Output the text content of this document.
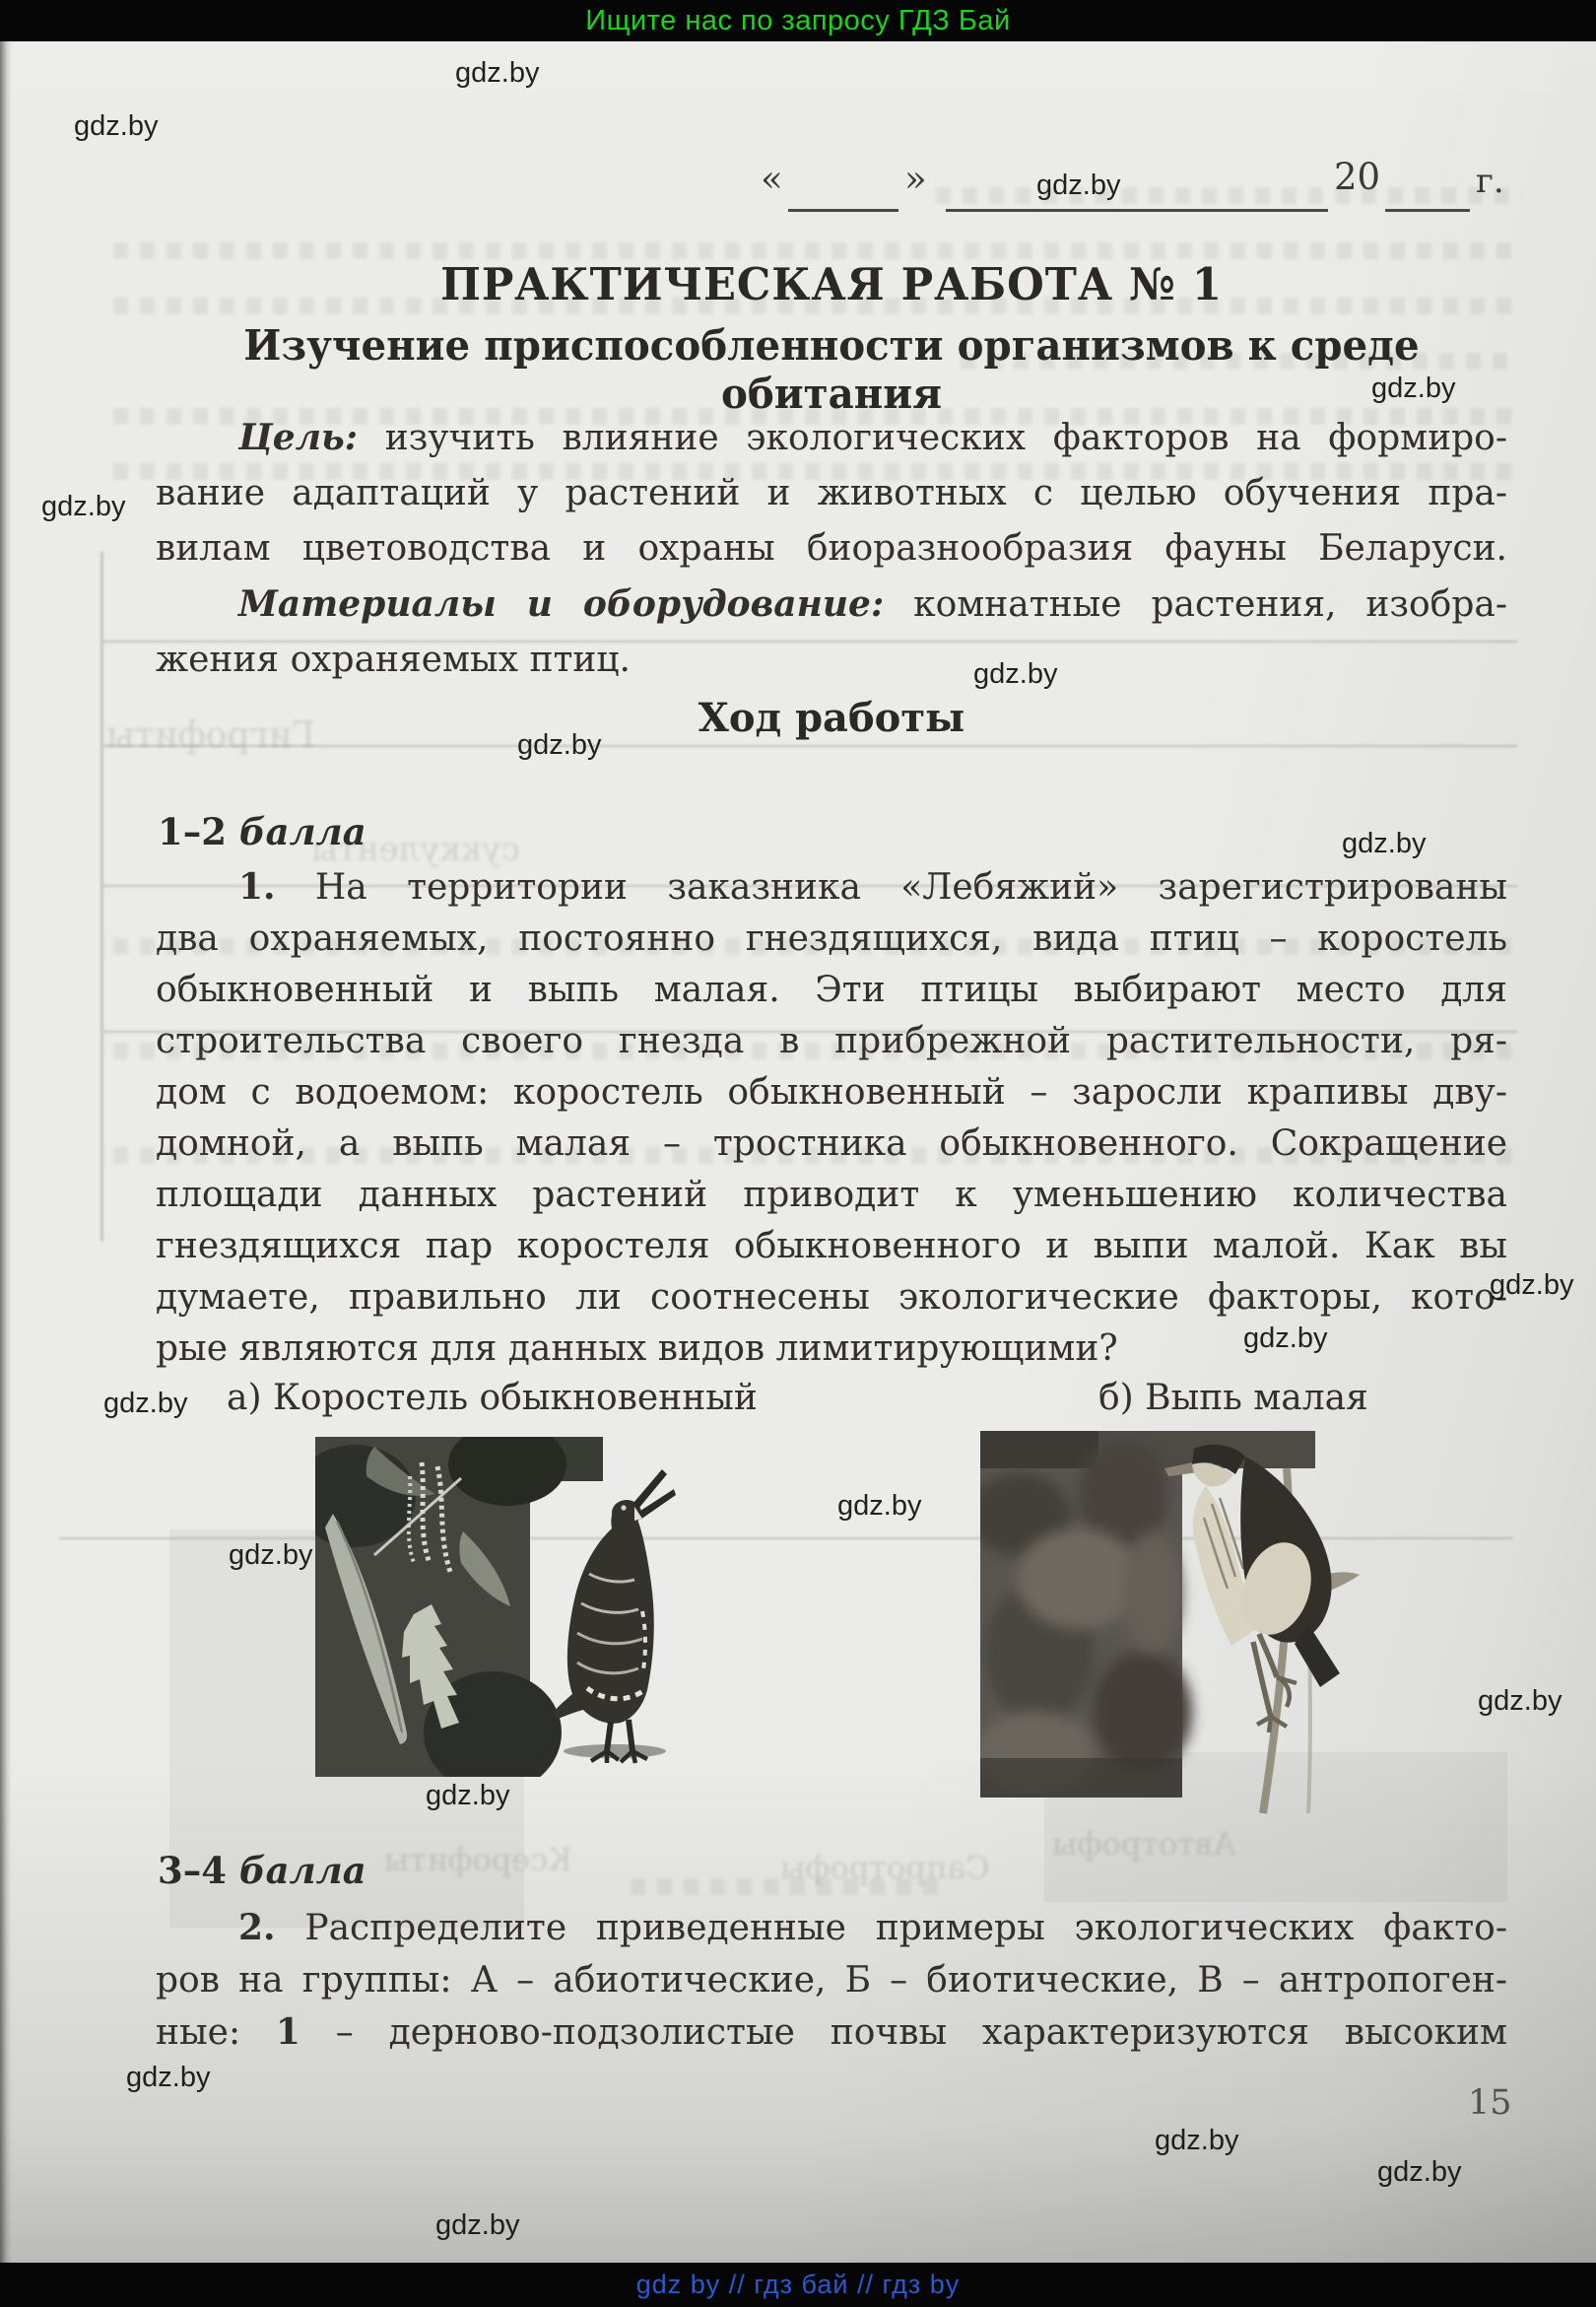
Ищите нас по запросу ГДЗ Бай
Гигрофиты
суккуленты
Ксерофиты	Автотрофы
Сапротрофы
«	»	20	г.
ПРАКТИЧЕСКАЯ РАБОТА № 1
Изучение приспособленности организмов к среде обитания
Цель: изучить влияние экологических факторов на формиро-
вание адаптаций у растений и животных с целью обучения пра-
вилам цветоводства и охраны биоразнообразия фауны Беларуси.
Материалы и оборудование: комнатные растения, изобра-
жения охраняемых птиц.
Ход работы
1–2 балла
1. На территории заказника «Лебяжий» зарегистрированы
два охраняемых, постоянно гнездящихся, вида птиц – коростель
обыкновенный и выпь малая. Эти птицы выбирают место для
строительства своего гнезда в прибрежной растительности, ря-
дом с водоемом: коростель обыкновенный – заросли крапивы дву-
домной, а выпь малая – тростника обыкновенного. Сокращение
площади данных растений приводит к уменьшению количества
гнездящихся пар коростеля обыкновенного и выпи малой. Как вы
думаете, правильно ли соотнесены экологические факторы, кото-
рые являются для данных видов лимитирующими?
а) Коростель обыкновенный	б) Выпь малая
3–4 балла
2. Распределите приведенные примеры экологических факто-
ров на группы: А – абиотические, Б – биотические, В – антропоген-
ные: 1 – дерново-подзолистые почвы характеризуются высоким
15
gdz.by
gdz.by
gdz.by
gdz.by
gdz.by
gdz.by
gdz.by
gdz.by
gdz.by
gdz.by
gdz.by
gdz.by
gdz.by
gdz.by
gdz.by
gdz.by
gdz.by
gdz.by
gdz.by
gdz by // гдз бай // гдз by
